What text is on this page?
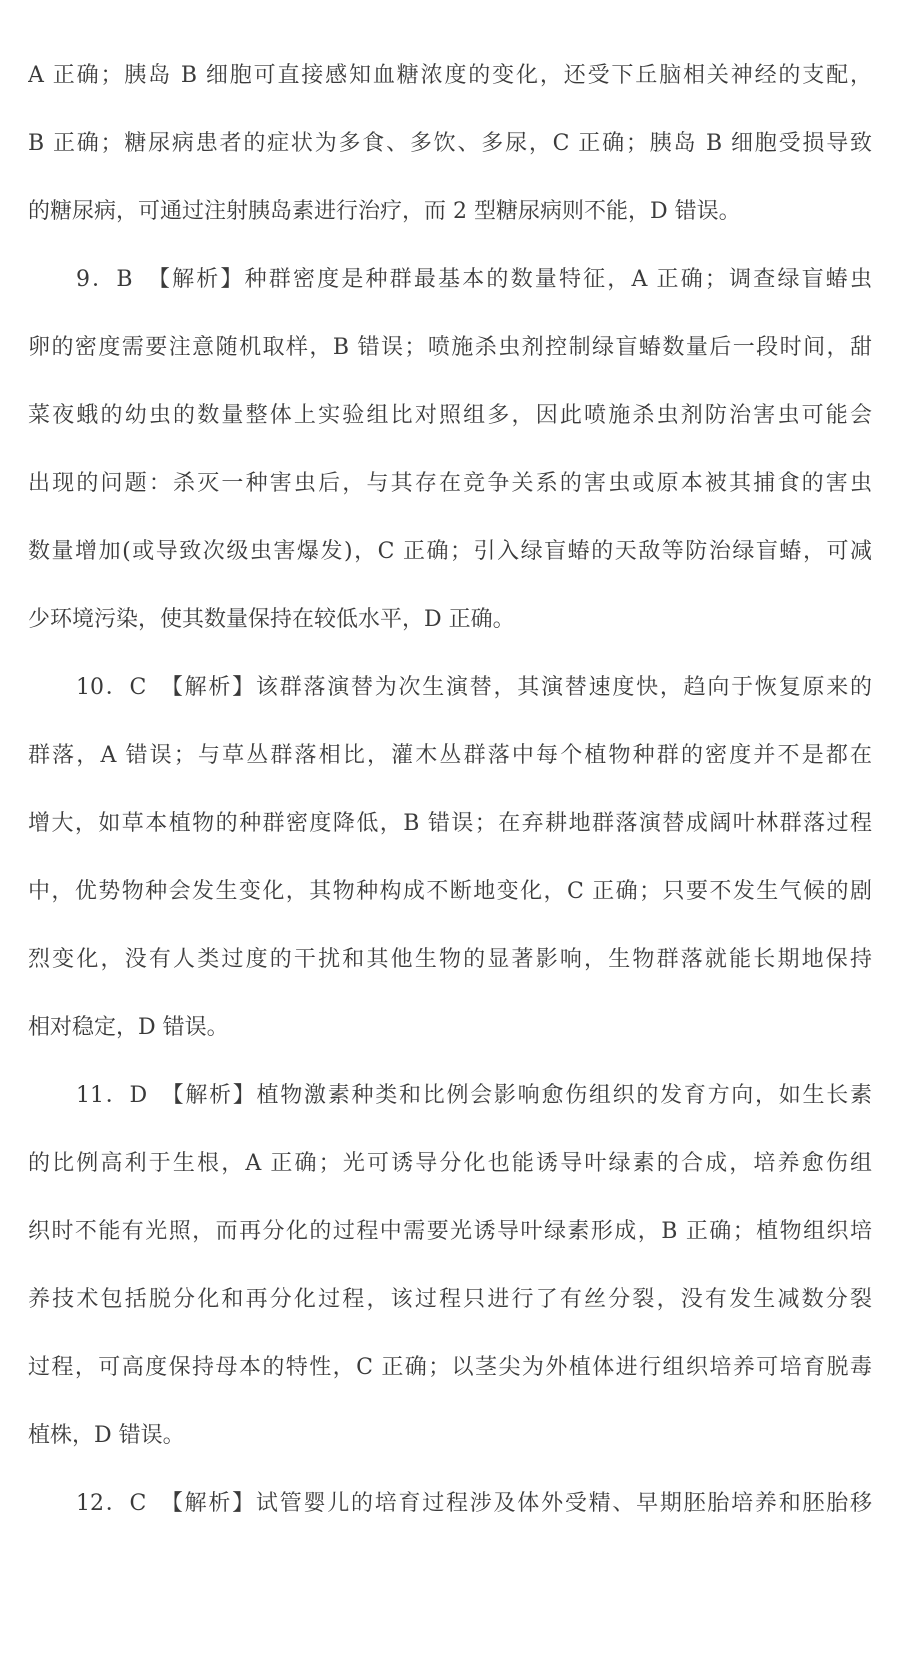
A 正确；胰岛 B 细胞可直接感知血糖浓度的变化，还受下丘脑相关神经的支配，
B 正确；糖尿病患者的症状为多食、多饮、多尿，C 正确；胰岛 B 细胞受损导致
的糖尿病，可通过注射胰岛素进行治疗，而 2 型糖尿病则不能，D 错误。
9．B　【解析】种群密度是种群最基本的数量特征，A 正确；调查绿盲蝽虫
卵的密度需要注意随机取样，B 错误；喷施杀虫剂控制绿盲蝽数量后一段时间，甜
菜夜蛾的幼虫的数量整体上实验组比对照组多，因此喷施杀虫剂防治害虫可能会
出现的问题：杀灭一种害虫后，与其存在竞争关系的害虫或原本被其捕食的害虫
数量增加(或导致次级虫害爆发)，C 正确；引入绿盲蝽的天敌等防治绿盲蝽，可减
少环境污染，使其数量保持在较低水平，D 正确。
10．C　【解析】该群落演替为次生演替，其演替速度快，趋向于恢复原来的
群落，A 错误；与草丛群落相比，灌木丛群落中每个植物种群的密度并不是都在
增大，如草本植物的种群密度降低，B 错误；在弃耕地群落演替成阔叶林群落过程
中，优势物种会发生变化，其物种构成不断地变化，C 正确；只要不发生气候的剧
烈变化，没有人类过度的干扰和其他生物的显著影响，生物群落就能长期地保持
相对稳定，D 错误。
11．D　【解析】植物激素种类和比例会影响愈伤组织的发育方向，如生长素
的比例高利于生根，A 正确；光可诱导分化也能诱导叶绿素的合成，培养愈伤组
织时不能有光照，而再分化的过程中需要光诱导叶绿素形成，B 正确；植物组织培
养技术包括脱分化和再分化过程，该过程只进行了有丝分裂，没有发生减数分裂
过程，可高度保持母本的特性，C 正确；以茎尖为外植体进行组织培养可培育脱毒
植株，D 错误。
12．C　【解析】试管婴儿的培育过程涉及体外受精、早期胚胎培养和胚胎移
